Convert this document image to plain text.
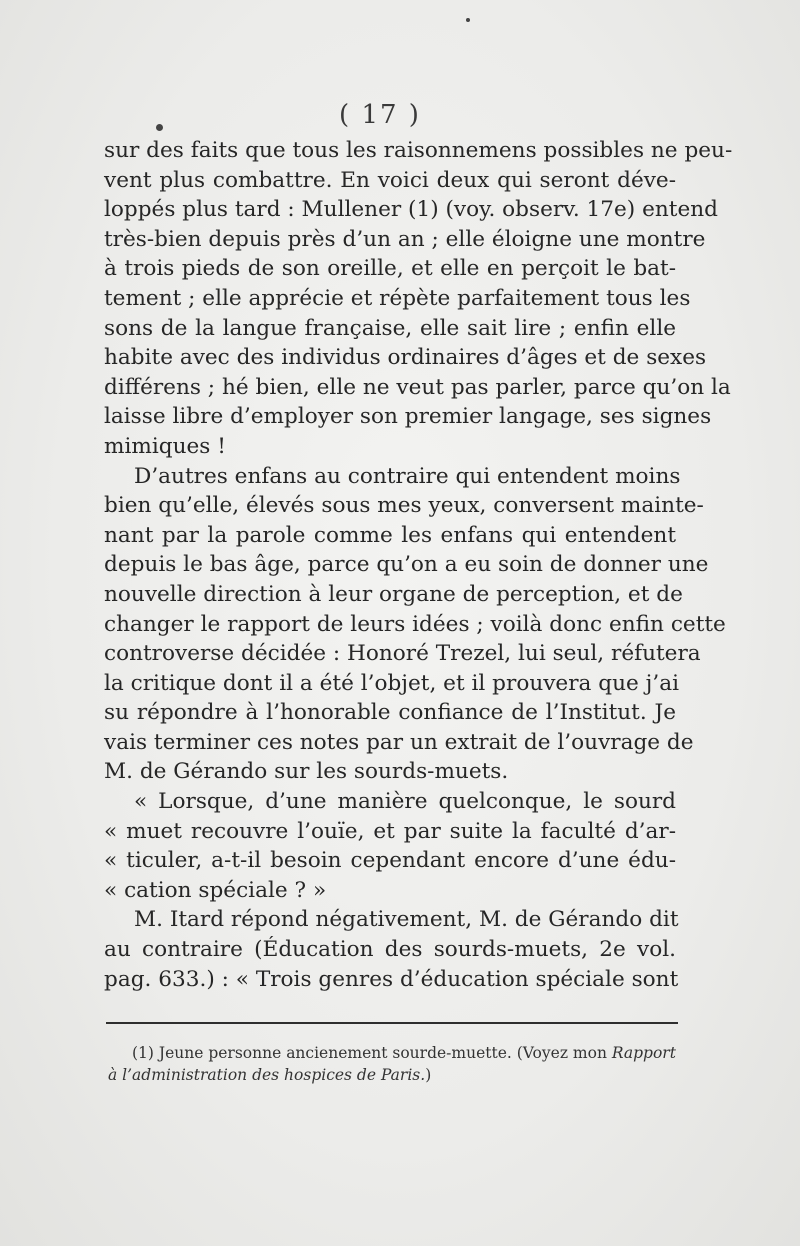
( 17 )
sur des faits que tous les raisonnemens possibles ne peu-
vent plus combattre. En voici deux qui seront déve-
loppés plus tard : Mullener (1) (voy. observ. 17e) entend
très-bien depuis près d’un an ; elle éloigne une montre
à trois pieds de son oreille, et elle en perçoit le bat-
tement ; elle apprécie et répète parfaitement tous les
sons de la langue française, elle sait lire ; enfin elle
habite avec des individus ordinaires d’âges et de sexes
différens ; hé bien, elle ne veut pas parler, parce qu’on la
laisse libre d’employer son premier langage, ses signes
mimiques !
D’autres enfans au contraire qui entendent moins
bien qu’elle, élevés sous mes yeux, conversent mainte-
nant par la parole comme les enfans qui entendent
depuis le bas âge, parce qu’on a eu soin de donner une
nouvelle direction à leur organe de perception, et de
changer le rapport de leurs idées ; voilà donc enfin cette
controverse décidée : Honoré Trezel, lui seul, réfutera
la critique dont il a été l’objet, et il prouvera que j’ai
su répondre à l’honorable confiance de l’Institut. Je
vais terminer ces notes par un extrait de l’ouvrage de
M. de Gérando sur les sourds-muets.
« Lorsque, d’une manière quelconque, le sourd
« muet recouvre l’ouïe, et par suite la faculté d’ar-
« ticuler, a-t-il besoin cependant encore d’une édu-
« cation spéciale ? »
M. Itard répond négativement, M. de Gérando dit
au contraire (Éducation des sourds-muets, 2e vol.
pag. 633.) : « Trois genres d’éducation spéciale sont
(1) Jeune personne ancienement sourde-muette. (Voyez mon Rapport
à l’administration des hospices de Paris.)
